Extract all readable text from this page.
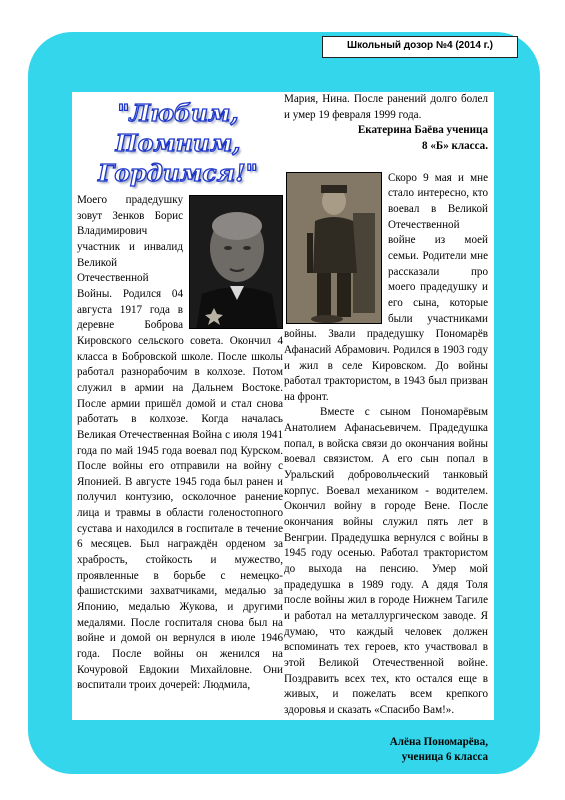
Школьный дозор №4 (2014 г.)
"Любим,
Помним,
Гордимся!"

Моего прадедушку зовут Зенков Борис Владимирович участник и инвалид Великой Отечественной Войны. Родился 04 августа 1917 года в деревне Боброва Кировского сельского совета. Окончил 4 класса в Бобровской школе. После школы работал разнорабочим в колхозе. Потом служил в армии на Дальнем Востоке. После армии пришёл домой и стал снова работать в колхозе. Когда началась Великая Отечественная Война с июля 1941 года по май 1945 года воевал под Курском. После войны его отправили на войну с Японией. В августе 1945 года был ранен и получил контузию, осколочное ранение лица и травмы в области голеностопного сустава и находился в госпитале в течение 6 месяцев. Был награждён орденом за храбрость, стойкость и мужество, проявленные в борьбе с немецко-фашистскими захватчиками, медалью за Японию, медалью Жукова, и другими медалями. После госпиталя снова был на войне и домой он вернулся в июле 1946 года. После войны он женился на Кочуровой Евдокии Михайловне. Они воспитали троих дочерей: Людмила,

Мария, Нина. После ранений долго болел и умер 19 февраля 1999 года.

Екатерина Баёва ученица

8 «Б» класса.

Скоро 9 мая и мне стало интересно, кто воевал в Великой Отечественной войне из моей семьи. Родители мне рассказали про моего прадедушку и его сына, которые были участниками войны. Звали прадедушку Пономарёв Афанасий Абрамович. Родился в 1903 году и жил в селе Кировском. До войны работал трактористом, в 1943 был призван на фронт.

Вместе с сыном Пономарёвым Анатолием Афанасьевичем. Прадедушка попал, в войска связи до окончания войны воевал связистом. А его сын попал в Уральский добровольческий танковый корпус. Воевал механиком - водителем. Окончил войну в городе Вене. После окончания войны служил пять лет в Венгрии. Прадедушка вернулся с войны в 1945 году осенью. Работал трактористом до выхода на пенсию. Умер мой прадедушка в 1989 году. А дядя Толя после войны жил в городе Нижнем Тагиле и работал на металлургическом заводе. Я думаю, что каждый человек должен вспоминать тех героев, кто участвовал в этой Великой Отечественной войне. Поздравить всех тех, кто остался еще в живых, и пожелать всем крепкого здоровья и сказать «Спасибо Вам!».

Алёна Пономарёва,

ученица 6 класса
